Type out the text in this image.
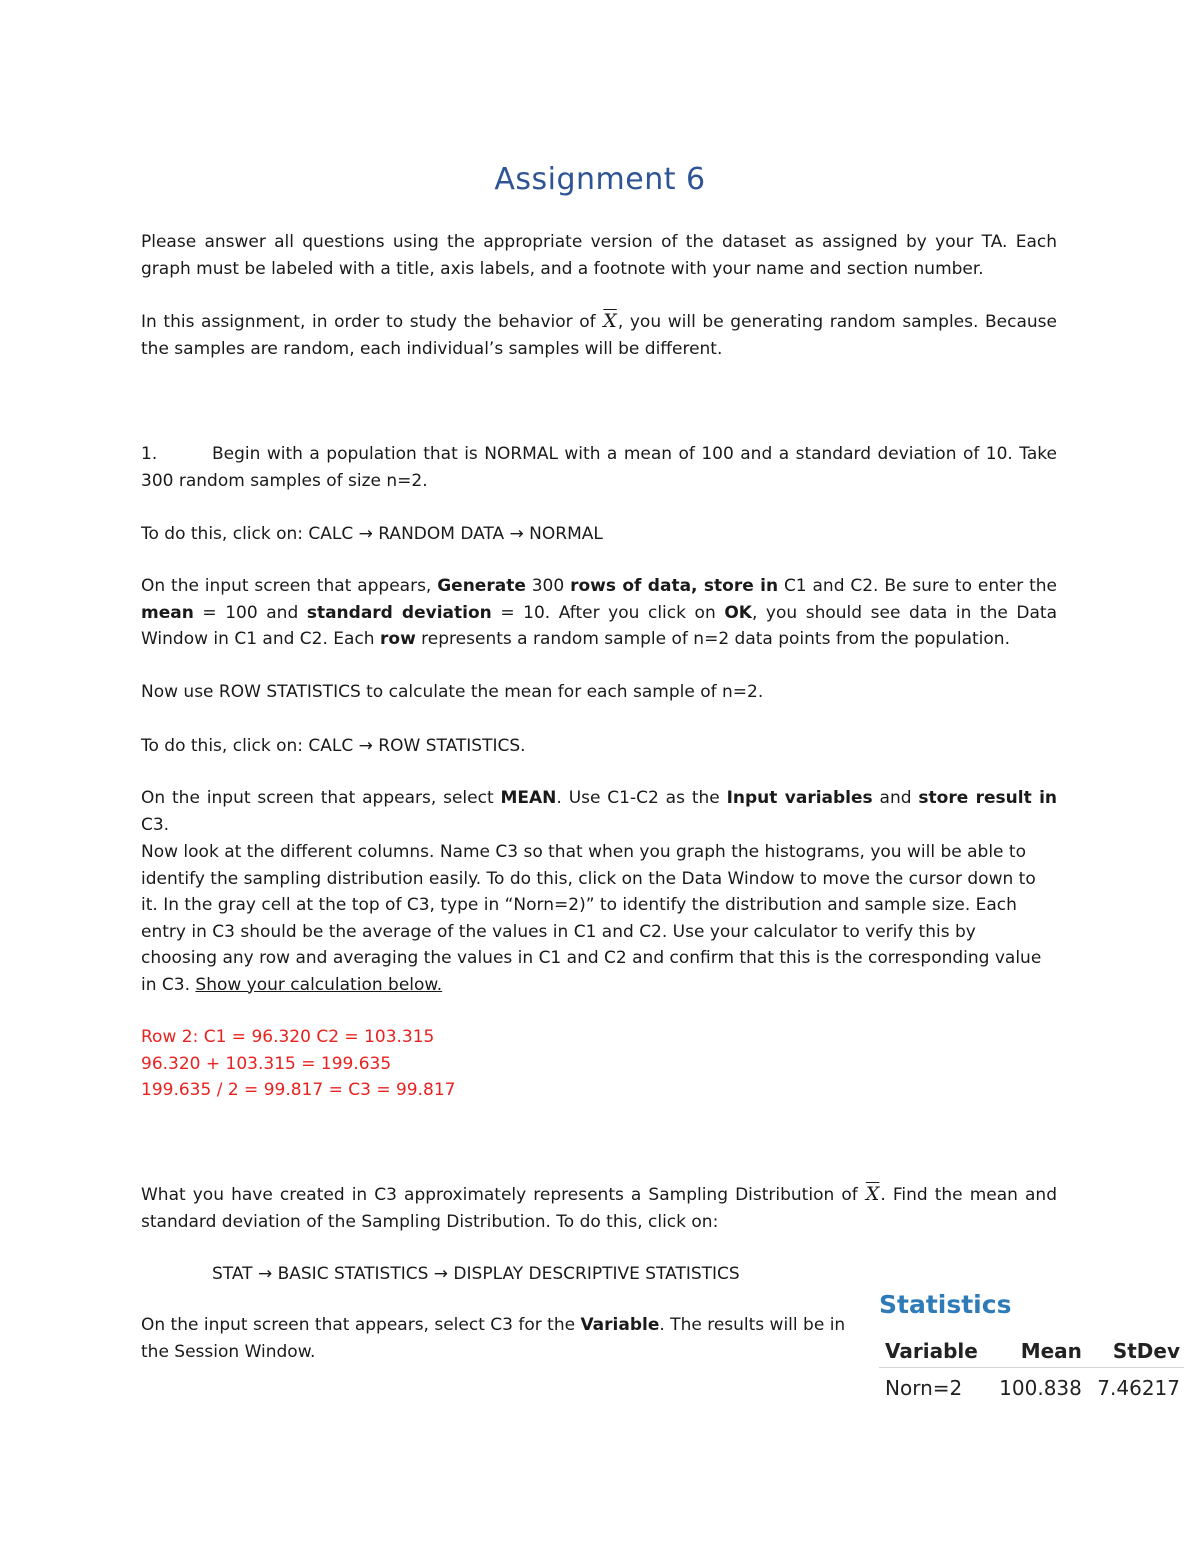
Assignment 6

Please answer all questions using the appropriate version of the dataset as assigned by your TA. Each graph must be labeled with a title, axis labels, and a footnote with your name and section number.

In this assignment, in order to study the behavior of $\overline{X}$, you will be generating random samples. Because the samples are random, each individual’s samples will be different.

1.	Begin with a population that is NORMAL with a mean of 100 and a standard deviation of 10. Take 300 random samples of size n=2.

To do this, click on: CALC → RANDOM DATA → NORMAL

On the input screen that appears, Generate 300 rows of data, store in C1 and C2. Be sure to enter the mean = 100 and standard deviation = 10. After you click on OK, you should see data in the Data Window in C1 and C2. Each row represents a random sample of n=2 data points from the population.

Now use ROW STATISTICS to calculate the mean for each sample of n=2.

To do this, click on: CALC → ROW STATISTICS.

On the input screen that appears, select MEAN. Use C1-C2 as the Input variables and store result in C3.

Now look at the different columns. Name C3 so that when you graph the histograms, you will be able to identify the sampling distribution easily. To do this, click on the Data Window to move the cursor down to it. In the gray cell at the top of C3, type in “Norn=2)” to identify the distribution and sample size. Each entry in C3 should be the average of the values in C1 and C2. Use your calculator to verify this by choosing any row and averaging the values in C1 and C2 and confirm that this is the corresponding value in C3. Show your calculation below.

Row 2: C1 = 96.320 C2 = 103.315
96.320 + 103.315 = 199.635
199.635 / 2 = 99.817 = C3 = 99.817

What you have created in C3 approximately represents a Sampling Distribution of $\overline{X}$. Find the mean and standard deviation of the Sampling Distribution. To do this, click on:

STAT → BASIC STATISTICS → DISPLAY DESCRIPTIVE STATISTICS

On the input screen that appears, select C3 for the Variable. The results will be in the Session Window.

Statistics
Variable	Mean	StDev
Norn=2	100.838	7.46217
